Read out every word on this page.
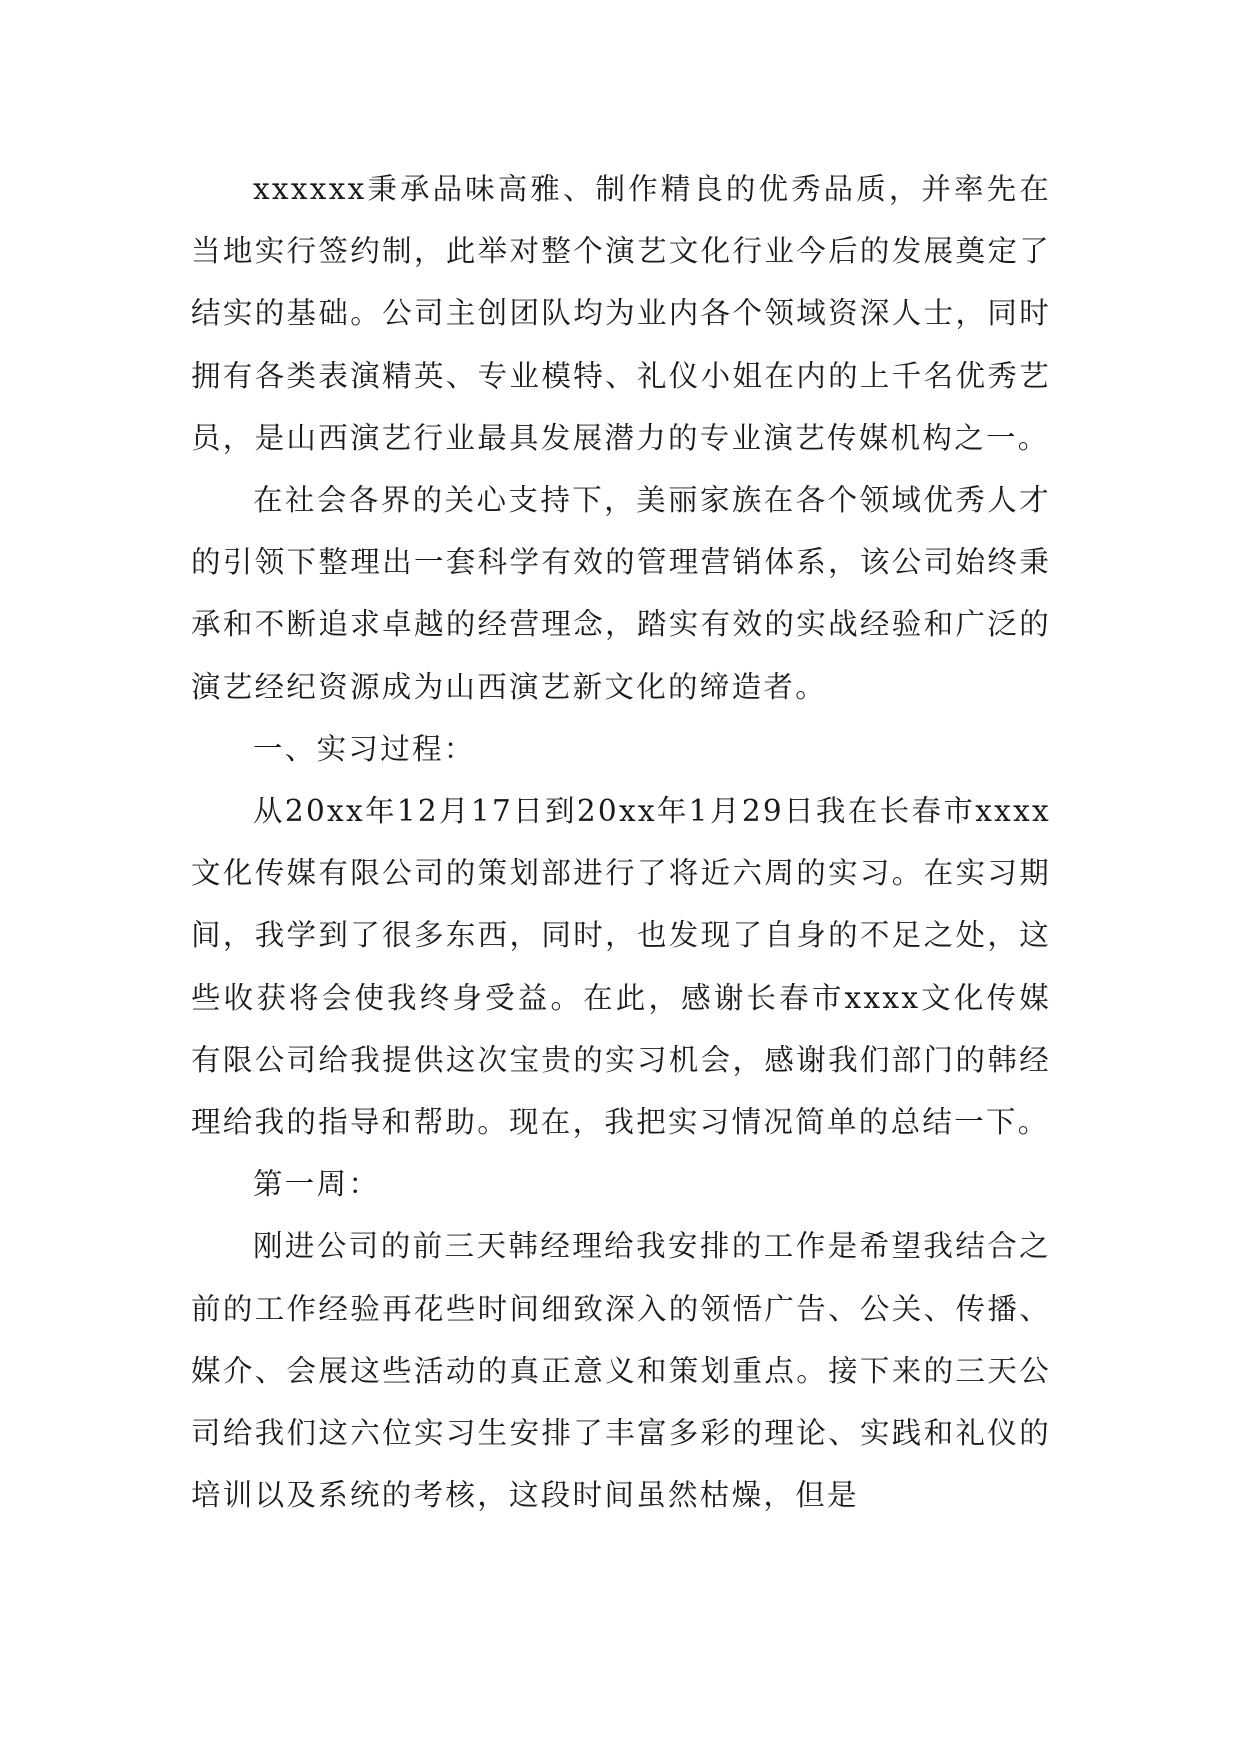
xxxxxx秉承品味高雅、制作精良的优秀品质，并率先在当地实行签约制，此举对整个演艺文化行业今后的发展奠定了结实的基础。公司主创团队均为业内各个领域资深人士，同时拥有各类表演精英、专业模特、礼仪小姐在内的上千名优秀艺员，是山西演艺行业最具发展潜力的专业演艺传媒机构之一。

在社会各界的关心支持下，美丽家族在各个领域优秀人才的引领下整理出一套科学有效的管理营销体系，该公司始终秉承和不断追求卓越的经营理念，踏实有效的实战经验和广泛的演艺经纪资源成为山西演艺新文化的缔造者。

一、实习过程：

从20xx年12月17日到20xx年1月29日我在长春市xxxx文化传媒有限公司的策划部进行了将近六周的实习。在实习期间，我学到了很多东西，同时，也发现了自身的不足之处，这些收获将会使我终身受益。在此，感谢长春市xxxx文化传媒有限公司给我提供这次宝贵的实习机会，感谢我们部门的韩经理给我的指导和帮助。现在，我把实习情况简单的总结一下。

第一周：

刚进公司的前三天韩经理给我安排的工作是希望我结合之前的工作经验再花些时间细致深入的领悟广告、公关、传播、媒介、会展这些活动的真正意义和策划重点。接下来的三天公司给我们这六位实习生安排了丰富多彩的理论、实践和礼仪的培训以及系统的考核，这段时间虽然枯燥，但是
